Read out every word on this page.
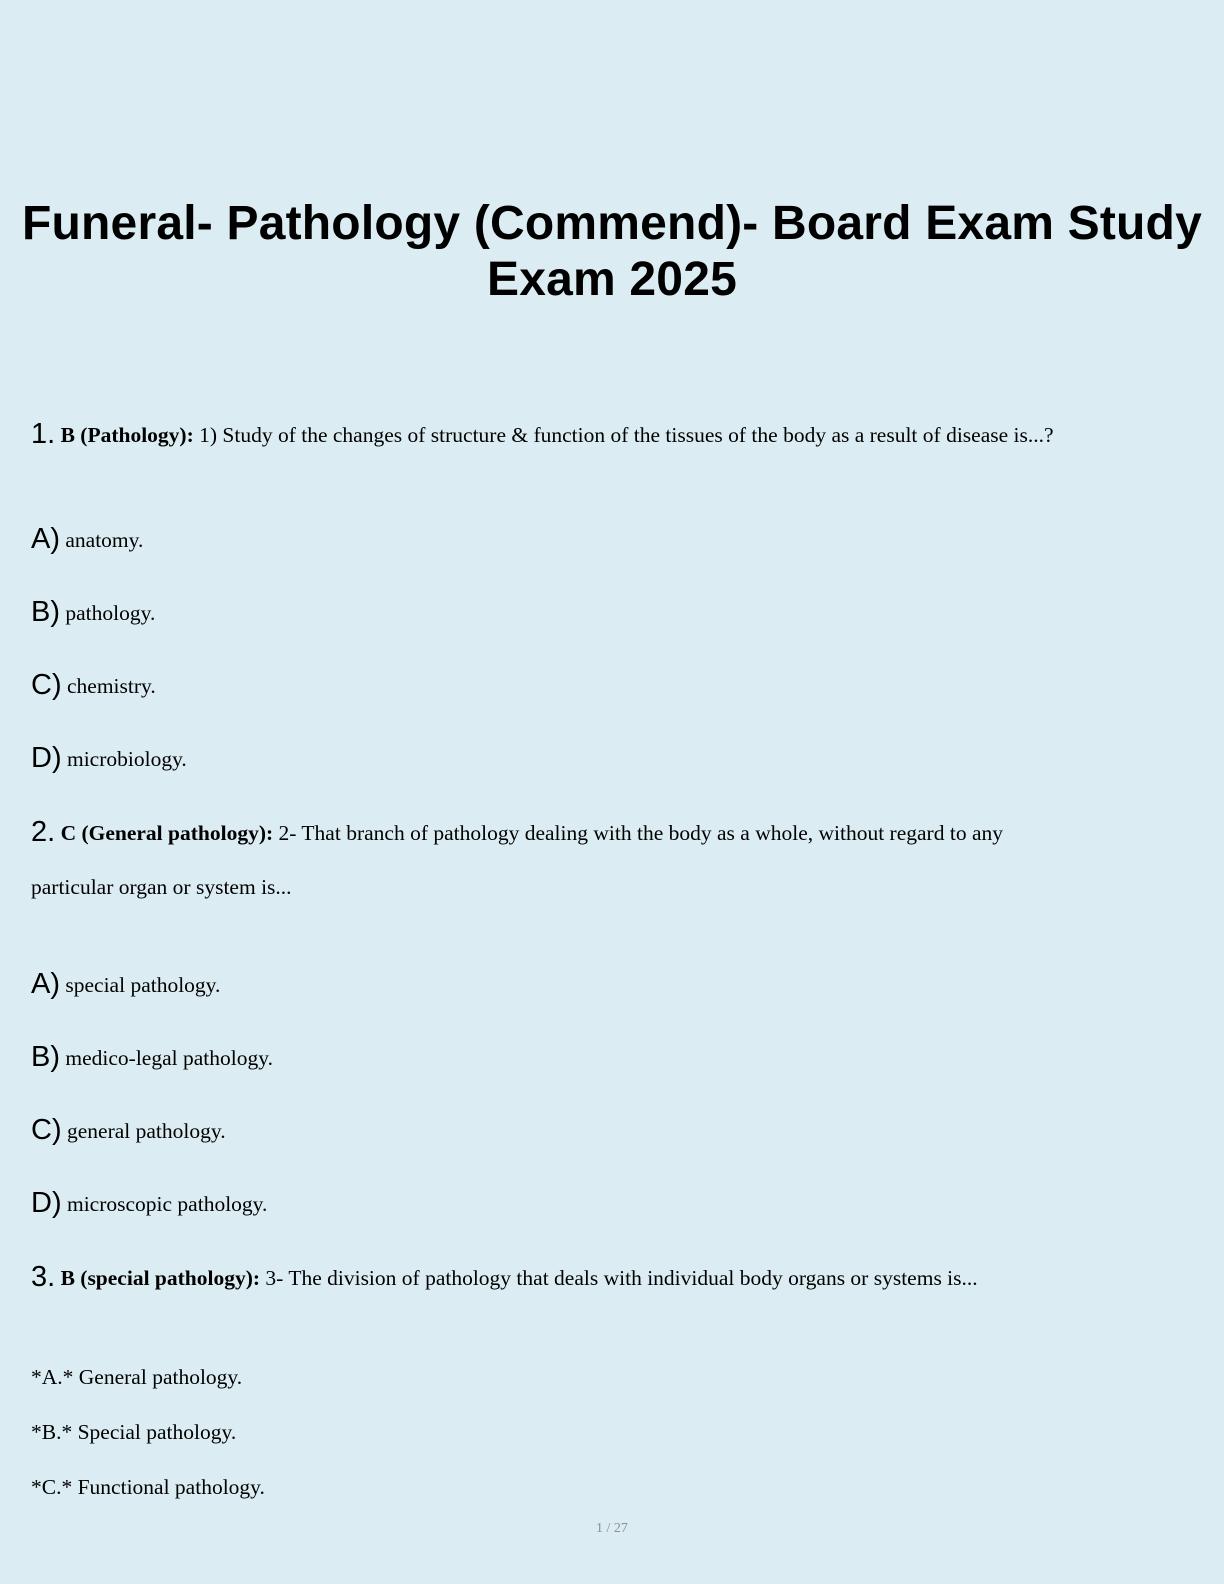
Funeral- Pathology (Commend)- Board Exam Study Exam 2025

1. B (Pathology): 1) Study of the changes of structure & function of the tissues of the body as a result of disease is...?

A) anatomy.

B) pathology.

C) chemistry.

D) microbiology.

2. C (General pathology): 2- That branch of pathology dealing with the body as a whole, without regard to any

particular organ or system is...

A) special pathology.

B) medico-legal pathology.

C) general pathology.

D) microscopic pathology.

3. B (special pathology): 3- The division of pathology that deals with individual body organs or systems is...

*A.* General pathology.

*B.* Special pathology.

*C.* Functional pathology.

1 / 27
